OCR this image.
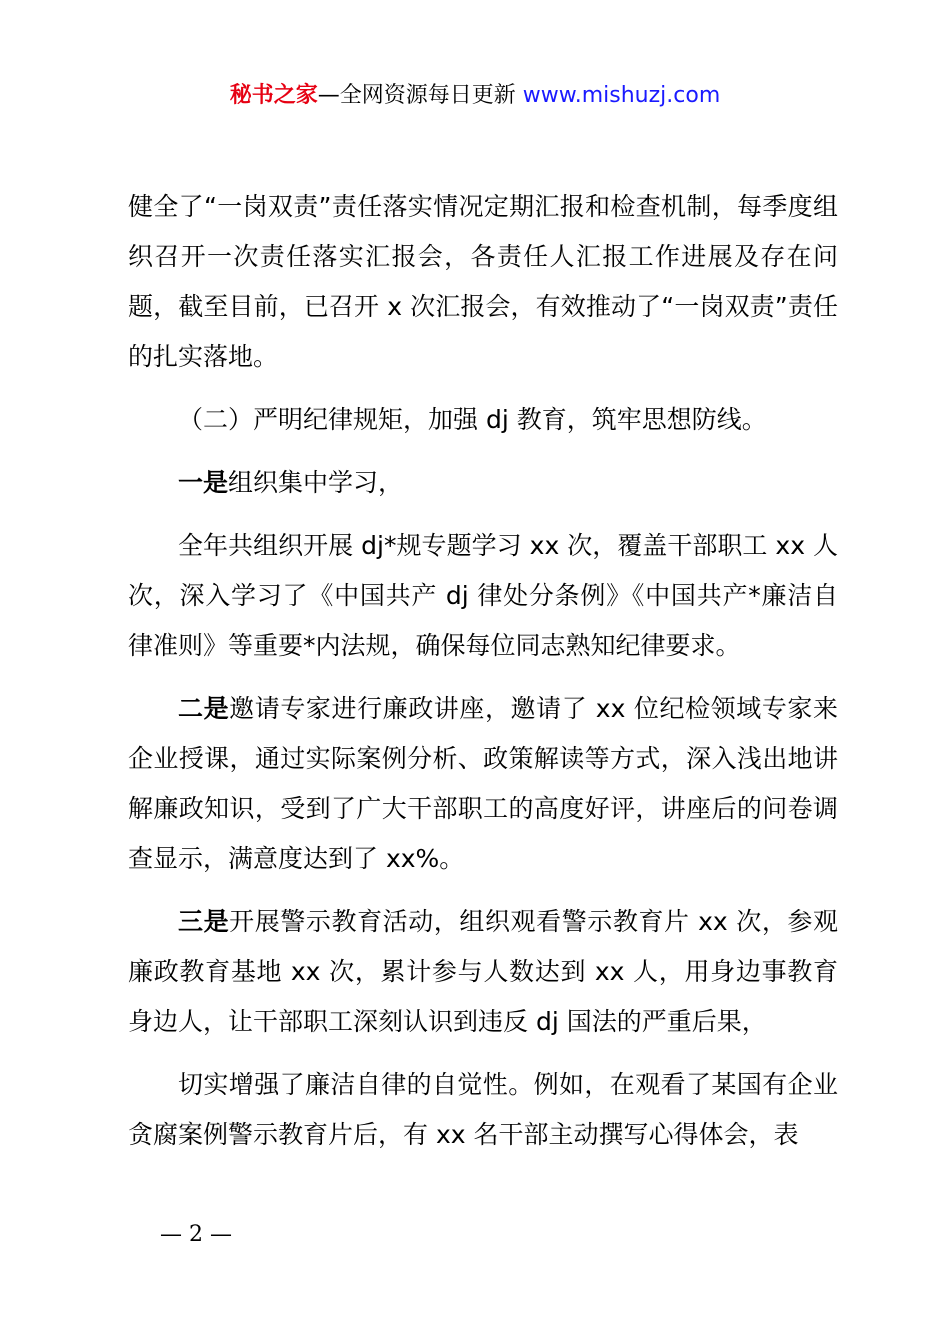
秘书之家—全网资源每日更新 www.mishuzj.com

健全了“一岗双责”责任落实情况定期汇报和检查机制，每季度组织召开一次责任落实汇报会，各责任人汇报工作进展及存在问题，截至目前，已召开 x 次汇报会，有效推动了“一岗双责”责任的扎实落地。

（二）严明纪律规矩，加强 dj 教育，筑牢思想防线。

一是组织集中学习，

全年共组织开展 dj*规专题学习 xx 次，覆盖干部职工 xx 人次，深入学习了《中国共产 dj 律处分条例》《中国共产*廉洁自律准则》等重要*内法规，确保每位同志熟知纪律要求。

二是邀请专家进行廉政讲座，邀请了 xx 位纪检领域专家来企业授课，通过实际案例分析、政策解读等方式，深入浅出地讲解廉政知识，受到了广大干部职工的高度好评，讲座后的问卷调查显示，满意度达到了 xx%。

三是开展警示教育活动，组织观看警示教育片 xx 次，参观廉政教育基地 xx 次，累计参与人数达到 xx 人，用身边事教育身边人，让干部职工深刻认识到违反 dj 国法的严重后果，

切实增强了廉洁自律的自觉性。例如，在观看了某国有企业贪腐案例警示教育片后，有 xx 名干部主动撰写心得体会，表

— 2 —
